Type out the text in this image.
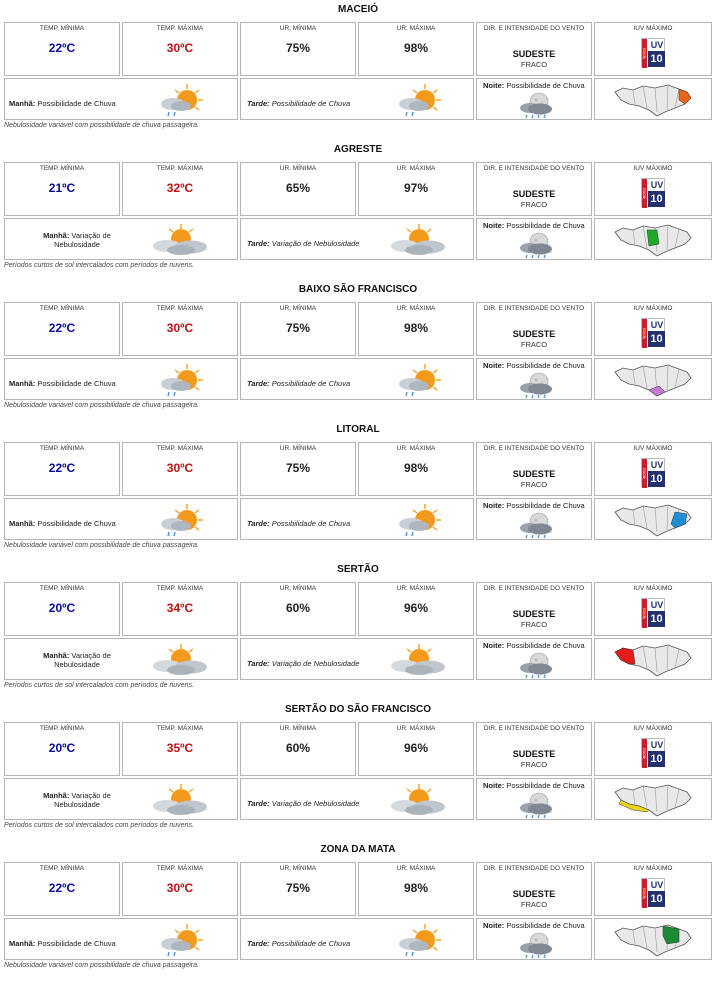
MACEIÓ
TEMP. MÍNIMA
22ºC
TEMP. MÁXIMA
30ºC
UR. MÍNIMA
75%
UR. MÁXIMA
98%
DIR. E INTENSIDADE DO VENTO
SUDESTE
FRACO
IUV MÁXIMO
ÍNDICE
UV
10
Manhã: Possibilidade de Chuva	Tarde: Possibilidade de Chuva
Noite: Possibilidade de Chuva
Nebulosidade variável com possibilidade de chuva passageira.
AGRESTE
TEMP. MÍNIMA
21ºC
TEMP. MÁXIMA
32ºC
UR. MÍNIMA
65%
UR. MÁXIMA
97%
DIR. E INTENSIDADE DO VENTO
SUDESTE
FRACO
IUV MÁXIMO
ÍNDICE
UV
10
Manhã: Variação de Nebulosidade	Tarde: Variação de Nebulosidade
Noite: Possibilidade de Chuva
Períodos curtos de sol intercalados com períodos de nuvens.
BAIXO SÃO FRANCISCO
TEMP. MÍNIMA
22ºC
TEMP. MÁXIMA
30ºC
UR. MÍNIMA
75%
UR. MÁXIMA
98%
DIR. E INTENSIDADE DO VENTO
SUDESTE
FRACO
IUV MÁXIMO
ÍNDICE
UV
10
Manhã: Possibilidade de Chuva	Tarde: Possibilidade de Chuva
Noite: Possibilidade de Chuva
Nebulosidade variável com possibilidade de chuva passageira.
LITORAL
TEMP. MÍNIMA
22ºC
TEMP. MÁXIMA
30ºC
UR. MÍNIMA
75%
UR. MÁXIMA
98%
DIR. E INTENSIDADE DO VENTO
SUDESTE
FRACO
IUV MÁXIMO
ÍNDICE
UV
10
Manhã: Possibilidade de Chuva	Tarde: Possibilidade de Chuva
Noite: Possibilidade de Chuva
Nebulosidade variável com possibilidade de chuva passageira.
SERTÃO
TEMP. MÍNIMA
20ºC
TEMP. MÁXIMA
34ºC
UR. MÍNIMA
60%
UR. MÁXIMA
96%
DIR. E INTENSIDADE DO VENTO
SUDESTE
FRACO
IUV MÁXIMO
ÍNDICE
UV
10
Manhã: Variação de Nebulosidade	Tarde: Variação de Nebulosidade
Noite: Possibilidade de Chuva
Períodos curtos de sol intercalados com períodos de nuvens.
SERTÃO DO SÃO FRANCISCO
TEMP. MÍNIMA
20ºC
TEMP. MÁXIMA
35ºC
UR. MÍNIMA
60%
UR. MÁXIMA
96%
DIR. E INTENSIDADE DO VENTO
SUDESTE
FRACO
IUV MÁXIMO
ÍNDICE
UV
10
Manhã: Variação de Nebulosidade	Tarde: Variação de Nebulosidade
Noite: Possibilidade de Chuva
Períodos curtos de sol intercalados com períodos de nuvens.
ZONA DA MATA
TEMP. MÍNIMA
22ºC
TEMP. MÁXIMA
30ºC
UR. MÍNIMA
75%
UR. MÁXIMA
98%
DIR. E INTENSIDADE DO VENTO
SUDESTE
FRACO
IUV MÁXIMO
ÍNDICE
UV
10
Manhã: Possibilidade de Chuva	Tarde: Possibilidade de Chuva
Noite: Possibilidade de Chuva
Nebulosidade variável com possibilidade de chuva passageira.
